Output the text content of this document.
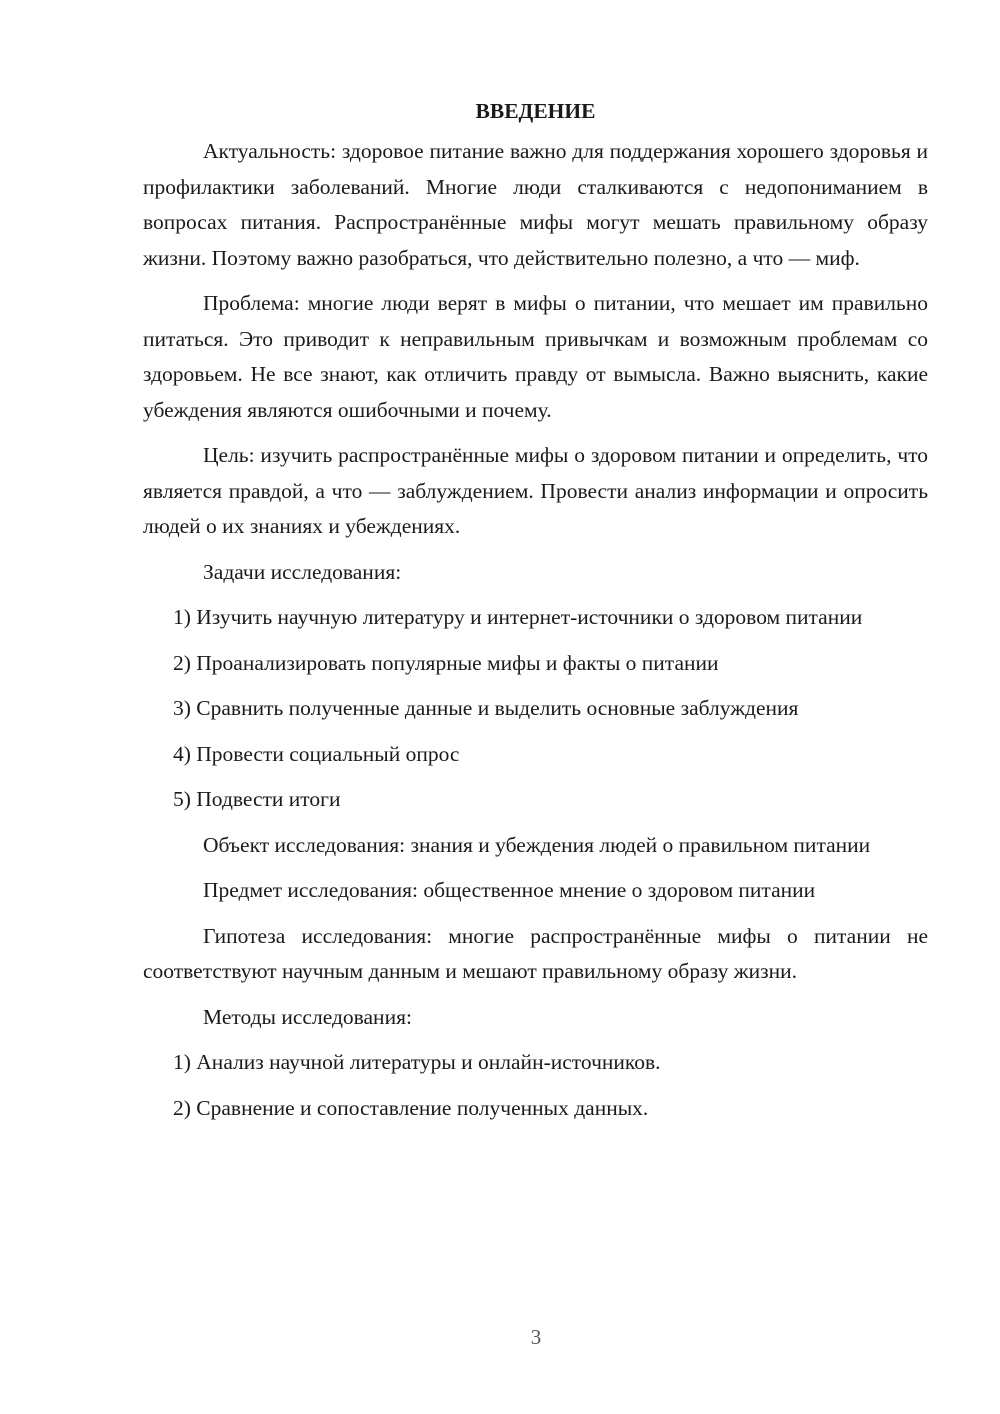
ВВЕДЕНИЕ

Актуальность: здоровое питание важно для поддержания хорошего здоровья и профилактики заболеваний. Многие люди сталкиваются с недопониманием в вопросах питания. Распространённые мифы могут мешать правильному образу жизни. Поэтому важно разобраться, что действительно полезно, а что — миф.

Проблема: многие люди верят в мифы о питании, что мешает им правильно питаться. Это приводит к неправильным привычкам и возможным проблемам со здоровьем. Не все знают, как отличить правду от вымысла. Важно выяснить, какие убеждения являются ошибочными и почему.

Цель: изучить распространённые мифы о здоровом питании и определить, что является правдой, а что — заблуждением. Провести анализ информации и опросить людей о их знаниях и убеждениях.

Задачи исследования:

1) Изучить научную литературу и интернет-источники о здоровом питании
2) Проанализировать популярные мифы и факты о питании
3) Сравнить полученные данные и выделить основные заблуждения
4) Провести социальный опрос
5) Подвести итоги

Объект исследования: знания и убеждения людей о правильном питании

Предмет исследования: общественное мнение о здоровом питании

Гипотеза исследования: многие распространённые мифы о питании не соответствуют научным данным и мешают правильному образу жизни.

Методы исследования:

1) Анализ научной литературы и онлайн-источников.
2) Сравнение и сопоставление полученных данных.
3
